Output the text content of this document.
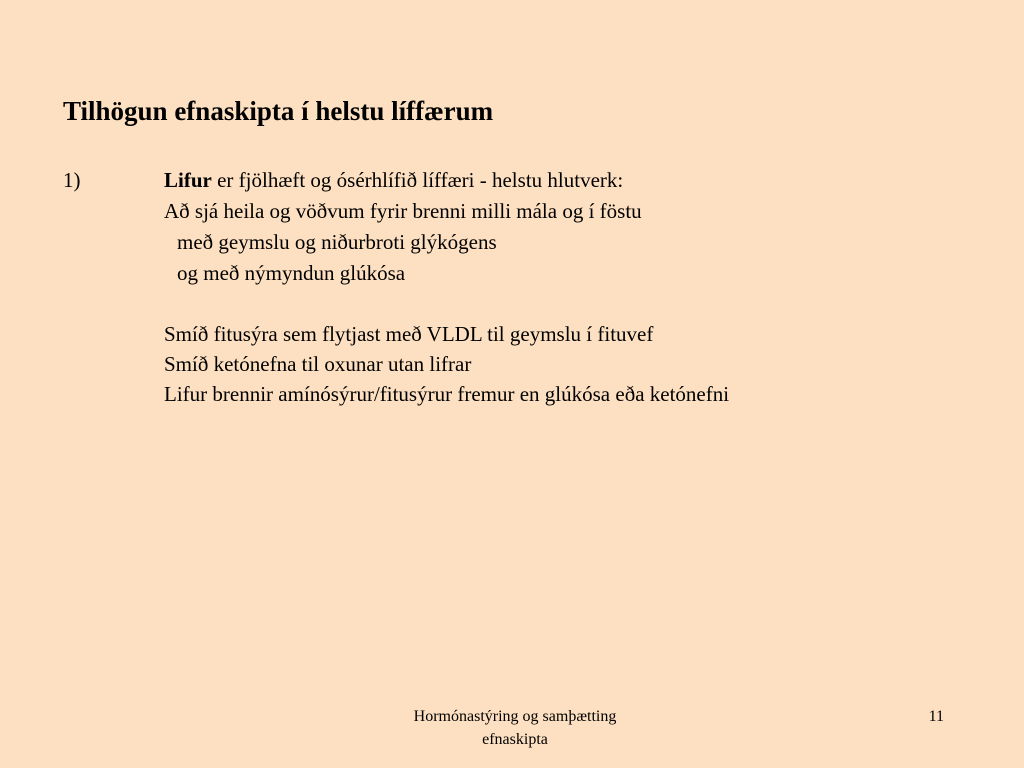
Tilhögun efnaskipta í helstu líffærum
1)	Lifur er fjölhæft og ósérhlífið líffæri - helstu hlutverk:
Að sjá heila og vöðvum fyrir brenni milli mála og í föstu
með geymslu og niðurbroti glýkógens
og með nýmyndun glúkósa
Smíð fitusýra sem flytjast með VLDL til geymslu í fituvef
Smíð ketónefna til oxunar utan lifrar
Lifur brennir amínósýrur/fitusýrur fremur en glúkósa eða ketónefni
Hormónastýring og samþætting
efnaskipta
11
